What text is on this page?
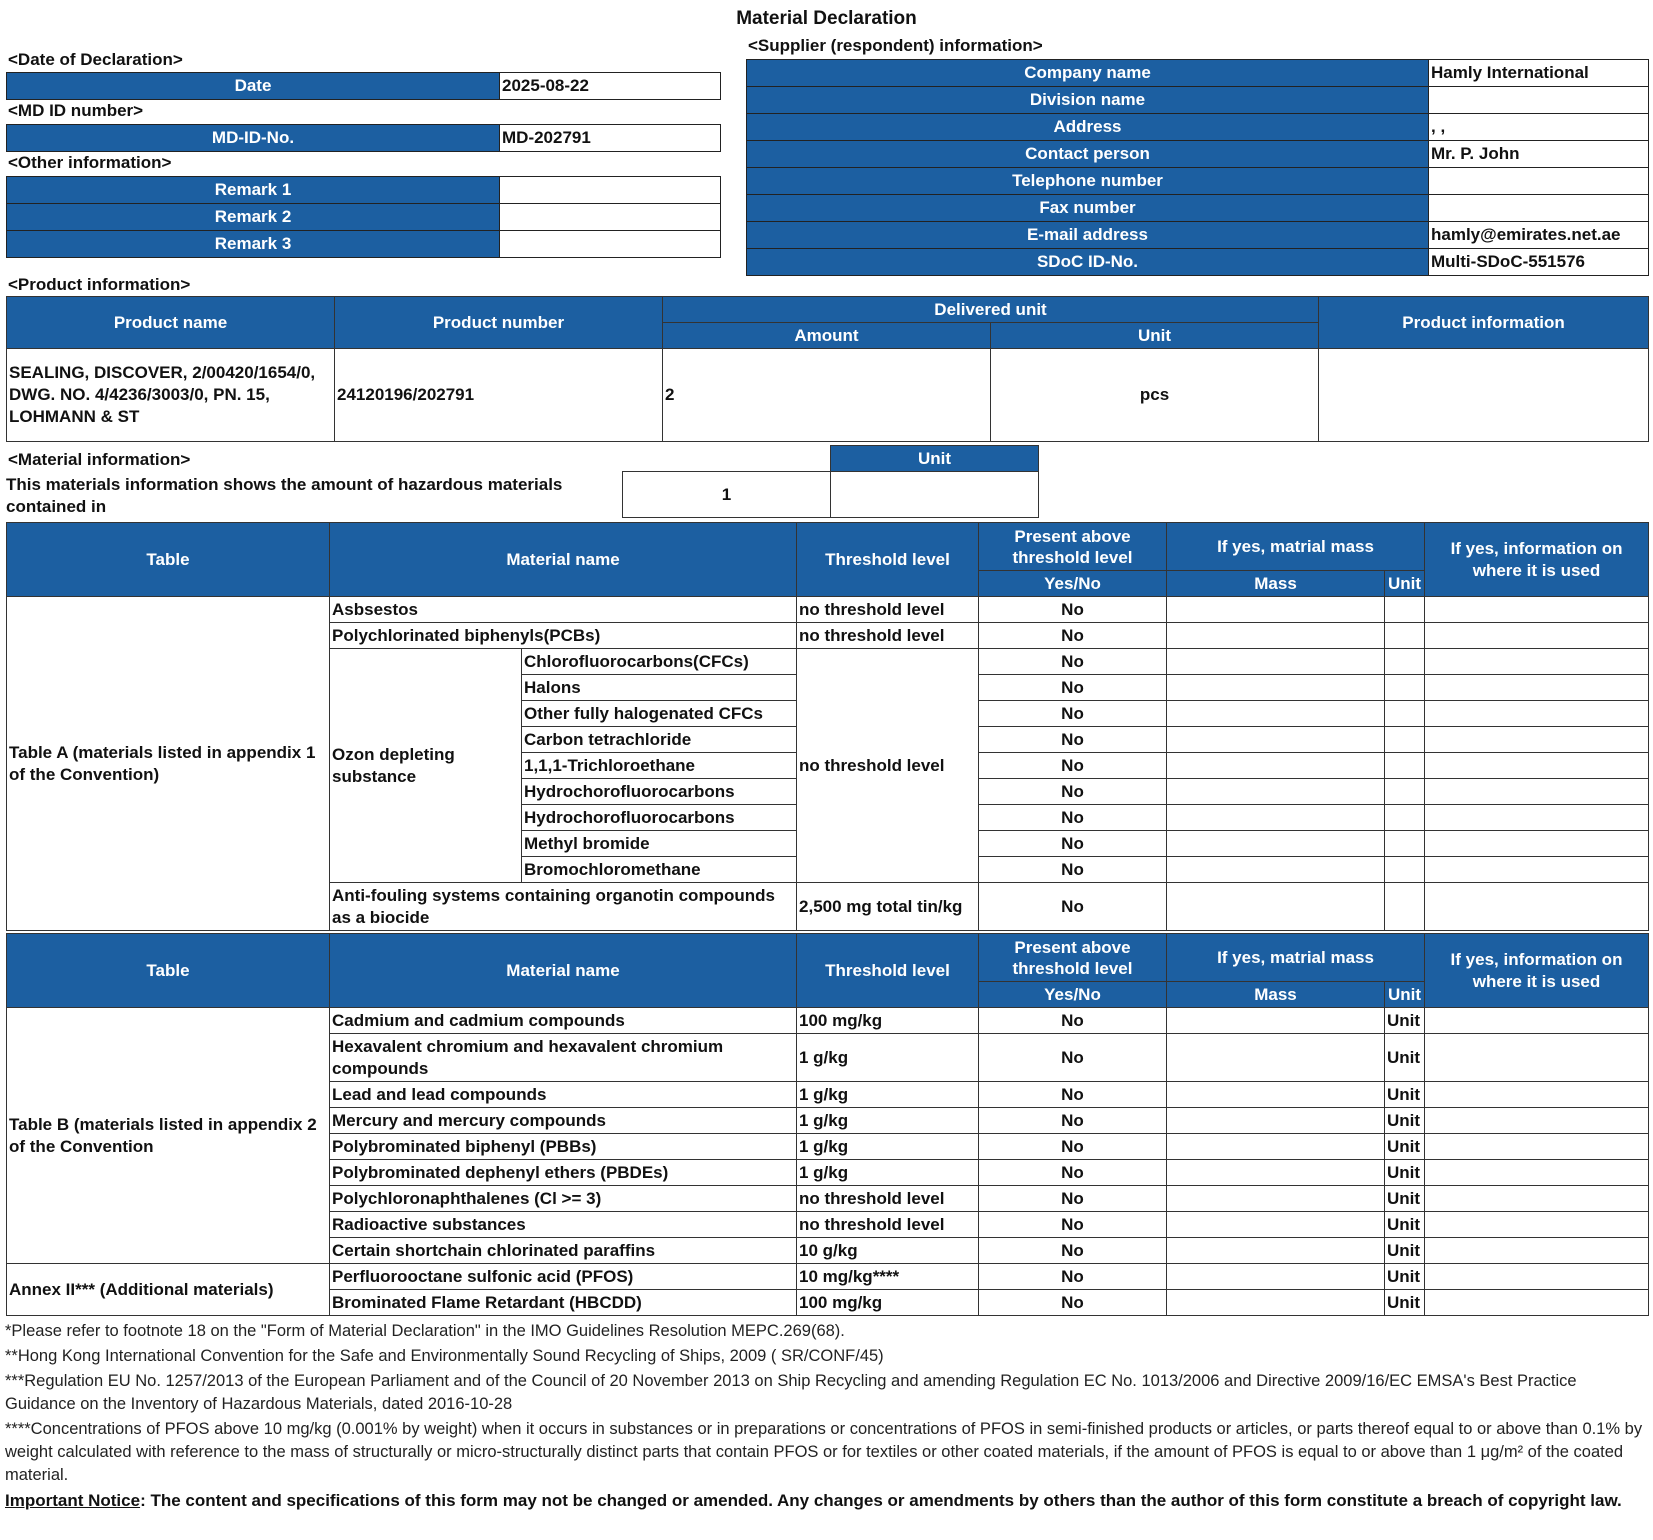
Material Declaration
<Date of Declaration>
Date	2025-08-22
<MD ID number>
MD-ID-No.	MD-202791
<Other information>
Remark 1	
Remark 2	
Remark 3	
<Supplier (respondent) information>
Company name	Hamly International
Division name	
Address	, ,
Contact person	Mr. P. John
Telephone number	
Fax number	
E-mail address	hamly@emirates.net.ae
SDoC ID-No.	Multi-SDoC-551576
<Product information>
Product name	Product number	Delivered unit		Product information
		Amount	Unit	
SEALING, DISCOVER, 2/00420/1654/0, DWG. NO. 4/4236/3003/0, PN. 15, LOHMANN & ST	24120196/202791	2	pcs	
<Material information>
This materials information shows the amount of hazardous materials contained in
	Unit
1	
Table	Material name		Threshold level	Present above threshold level	If yes, matrial mass		If yes, information on where it is used
				Yes/No	Mass	Unit	
Table A (materials listed in appendix 1 of the Convention)	Asbsestos		no threshold level	No			
	Polychlorinated biphenyls(PCBs)		no threshold level	No			
	Ozon depleting substance	Chlorofluorocarbons(CFCs)	no threshold level	No			
		Halons		No			
		Other fully halogenated CFCs		No			
		Carbon tetrachloride		No			
		1,1,1-Trichloroethane		No			
		Hydrochorofluorocarbons		No			
		Hydrochorofluorocarbons		No			
		Methyl bromide		No			
		Bromochloromethane		No			
	Anti-fouling systems containing organotin compounds as a biocide		2,500 mg total tin/kg	No			
Table	Material name	Threshold level	Present above threshold level	If yes, matrial mass		If yes, information on where it is used
			Yes/No	Mass	Unit	
Table B (materials listed in appendix 2 of the Convention	Cadmium and cadmium compounds	100 mg/kg	No		Unit	
	Hexavalent chromium and hexavalent chromium compounds	1 g/kg	No		Unit	
	Lead and lead compounds	1 g/kg	No		Unit	
	Mercury and mercury compounds	1 g/kg	No		Unit	
	Polybrominated biphenyl (PBBs)	1 g/kg	No		Unit	
	Polybrominated dephenyl ethers (PBDEs)	1 g/kg	No		Unit	
	Polychloronaphthalenes (Cl >= 3)	no threshold level	No		Unit	
	Radioactive substances	no threshold level	No		Unit	
	Certain shortchain chlorinated paraffins	10 g/kg	No		Unit	
Annex II*** (Additional materials)	Perfluorooctane sulfonic acid (PFOS)	10 mg/kg****	No		Unit	
	Brominated Flame Retardant (HBCDD)	100 mg/kg	No		Unit	
*Please refer to footnote 18 on the "Form of Material Declaration" in the IMO Guidelines Resolution MEPC.269(68).
**Hong Kong International Convention for the Safe and Environmentally Sound Recycling of Ships, 2009 ( SR/CONF/45)
***Regulation EU No. 1257/2013 of the European Parliament and of the Council of 20 November 2013 on Ship Recycling and amending Regulation EC No. 1013/2006 and Directive 2009/16/EC EMSA's Best Practice Guidance on the Inventory of Hazardous Materials, dated 2016-10-28
****Concentrations of PFOS above 10 mg/kg (0.001% by weight) when it occurs in substances or in preparations or concentrations of PFOS in semi-finished products or articles, or parts thereof equal to or above than 0.1% by weight calculated with reference to the mass of structurally or micro-structurally distinct parts that contain PFOS or for textiles or other coated materials, if the amount of PFOS is equal to or above than 1 μg/m² of the coated material.
Important Notice: The content and specifications of this form may not be changed or amended. Any changes or amendments by others than the author of this form constitute a breach of copyright law.
